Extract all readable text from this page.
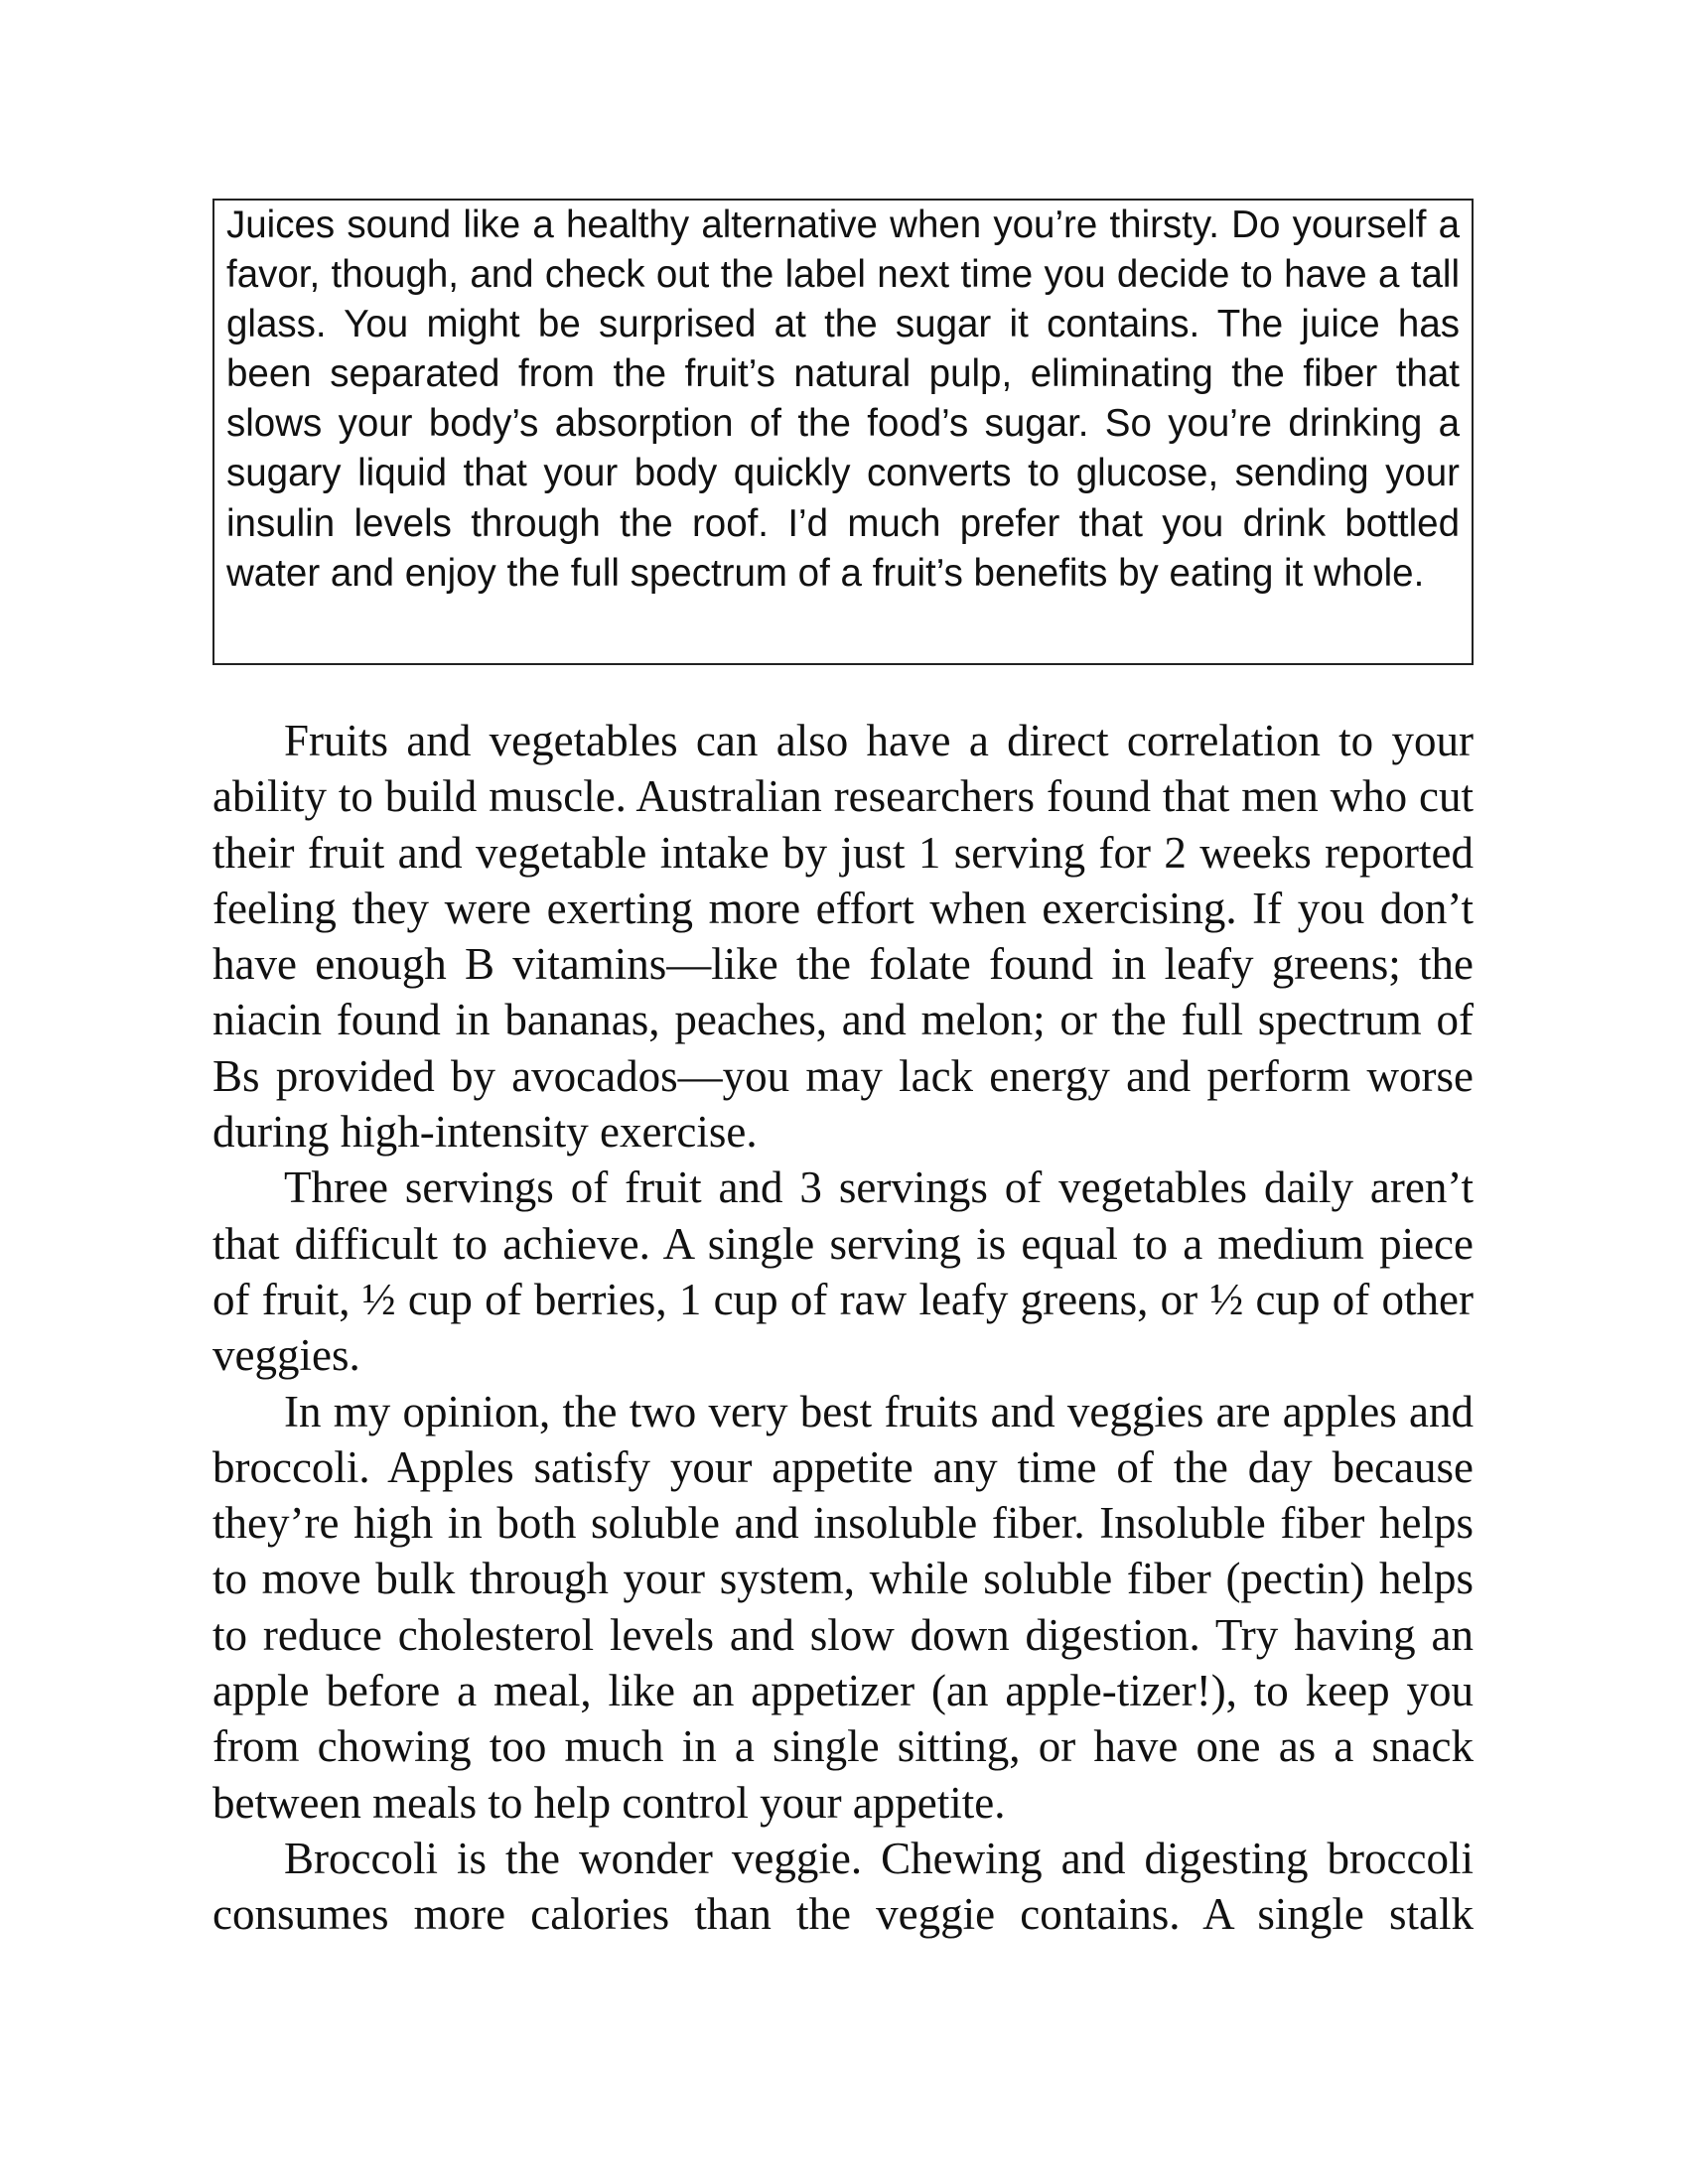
Juices sound like a healthy alternative when you’re thirsty. Do yourself a favor, though, and check out the label next time you decide to have a tall glass. You might be surprised at the sugar it contains. The juice has been separated from the fruit’s natural pulp, eliminating the fiber that slows your body’s absorption of the food’s sugar. So you’re drinking a sugary liquid that your body quickly converts to glucose, sending your insulin levels through the roof. I’d much prefer that you drink bottled water and enjoy the full spectrum of a fruit’s benefits by eating it whole.

Fruits and vegetables can also have a direct correlation to your ability to build muscle. Australian researchers found that men who cut their fruit and vegetable intake by just 1 serving for 2 weeks reported feeling they were exerting more effort when exercising. If you don’t have enough B vitamins—like the folate found in leafy greens; the niacin found in bananas, peaches, and melon; or the full spectrum of Bs provided by avocados—you may lack energy and perform worse during high-intensity exercise.

Three servings of fruit and 3 servings of vegetables daily aren’t that difficult to achieve. A single serving is equal to a medium piece of fruit, ½ cup of berries, 1 cup of raw leafy greens, or ½ cup of other veggies.

In my opinion, the two very best fruits and veggies are apples and broccoli. Apples satisfy your appetite any time of the day because they’re high in both soluble and insoluble fiber. Insoluble fiber helps to move bulk through your system, while soluble fiber (pectin) helps to reduce cholesterol levels and slow down digestion. Try having an apple before a meal, like an appetizer (an apple-tizer!), to keep you from chowing too much in a single sitting, or have one as a snack between meals to help control your appetite.

Broccoli is the wonder veggie. Chewing and digesting broccoli consumes more calories than the veggie contains. A single stalk
